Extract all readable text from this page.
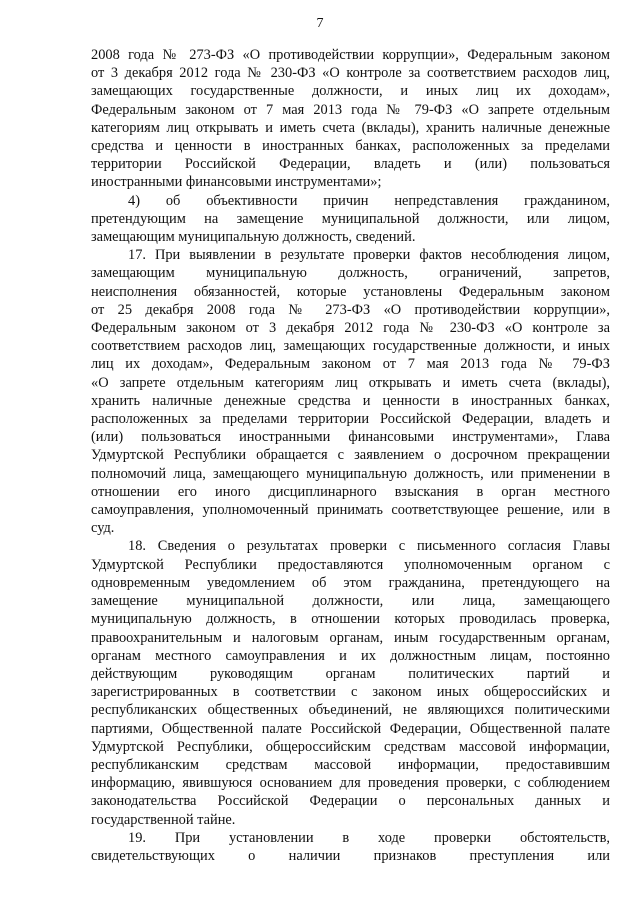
7
2008 года № 273-ФЗ «О противодействии коррупции», Федеральным законом
от 3 декабря 2012 года № 230-ФЗ «О контроле за соответствием расходов лиц,
замещающих государственные должности, и иных лиц их доходам»,
Федеральным законом от 7 мая 2013 года № 79-ФЗ «О запрете отдельным
категориям лиц открывать и иметь счета (вклады), хранить наличные денежные
средства и ценности в иностранных банках, расположенных за пределами
территории Российской Федерации, владеть и (или) пользоваться
иностранными финансовыми инструментами»;
4) об объективности причин непредставления гражданином,
претендующим на замещение муниципальной должности, или лицом,
замещающим муниципальную должность, сведений.
17. При выявлении в результате проверки фактов несоблюдения лицом,
замещающим муниципальную должность, ограничений, запретов,
неисполнения обязанностей, которые установлены Федеральным законом
от 25 декабря 2008 года № 273-ФЗ «О противодействии коррупции»,
Федеральным законом от 3 декабря 2012 года № 230-ФЗ «О контроле за
соответствием расходов лиц, замещающих государственные должности, и иных
лиц их доходам», Федеральным законом от 7 мая 2013 года № 79-ФЗ
«О запрете отдельным категориям лиц открывать и иметь счета (вклады),
хранить наличные денежные средства и ценности в иностранных банках,
расположенных за пределами территории Российской Федерации, владеть и
(или) пользоваться иностранными финансовыми инструментами», Глава
Удмуртской Республики обращается с заявлением о досрочном прекращении
полномочий лица, замещающего муниципальную должность, или применении в
отношении его иного дисциплинарного взыскания в орган местного
самоуправления, уполномоченный принимать соответствующее решение, или в
суд.
18. Сведения о результатах проверки с письменного согласия Главы
Удмуртской Республики предоставляются уполномоченным органом с
одновременным уведомлением об этом гражданина, претендующего на
замещение муниципальной должности, или лица, замещающего
муниципальную должность, в отношении которых проводилась проверка,
правоохранительным и налоговым органам, иным государственным органам,
органам местного самоуправления и их должностным лицам, постоянно
действующим руководящим органам политических партий и
зарегистрированных в соответствии с законом иных общероссийских и
республиканских общественных объединений, не являющихся политическими
партиями, Общественной палате Российской Федерации, Общественной палате
Удмуртской Республики, общероссийским средствам массовой информации,
республиканским средствам массовой информации, предоставившим
информацию, явившуюся основанием для проведения проверки, с соблюдением
законодательства Российской Федерации о персональных данных и
государственной тайне.
19. При установлении в ходе проверки обстоятельств,
свидетельствующих о наличии признаков преступления или
